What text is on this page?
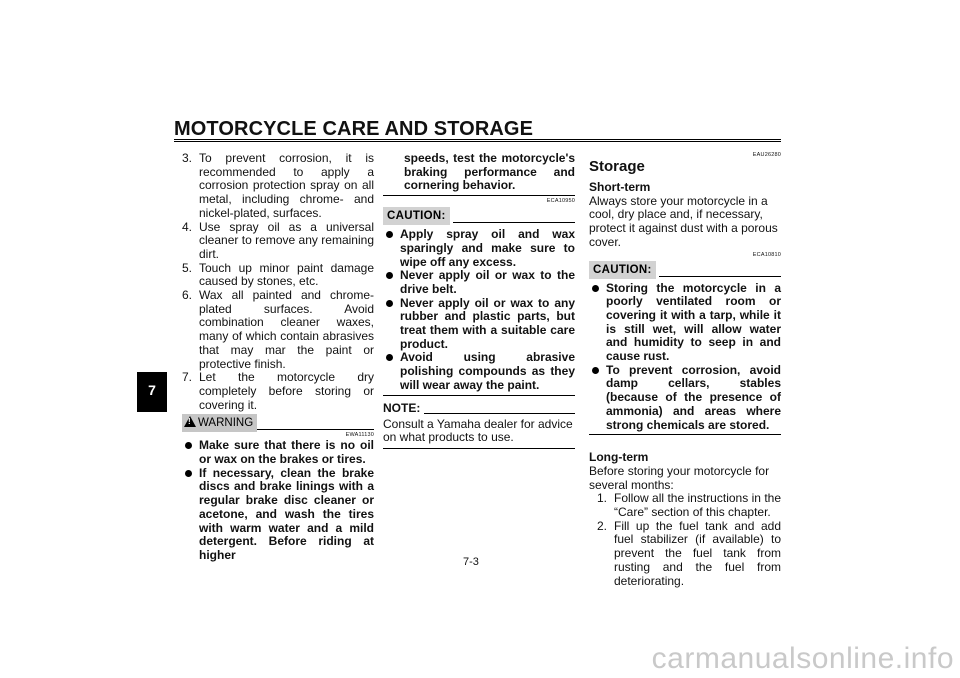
MOTORCYCLE CARE AND STORAGE
7
3. To prevent corrosion, it is recommended to apply a corrosion protection spray on all metal, including chrome- and nickel-plated, surfaces.
4. Use spray oil as a universal cleaner to remove any remaining dirt.
5. Touch up minor paint damage caused by stones, etc.
6. Wax all painted and chrome-plated surfaces. Avoid combination cleaner waxes, many of which contain abrasives that may mar the paint or protective finish.
7. Let the motorcycle dry completely before storing or covering it.
!WARNING
EWA11130
Make sure that there is no oil or wax on the brakes or tires.
If necessary, clean the brake discs and brake linings with a regular brake disc cleaner or acetone, and wash the tires with warm water and a mild detergent. Before riding at higher
speeds, test the motorcycle's braking performance and cornering behavior.
ECA10950
CAUTION:
Apply spray oil and wax sparingly and make sure to wipe off any excess.
Never apply oil or wax to the drive belt.
Never apply oil or wax to any rubber and plastic parts, but treat them with a suitable care product.
Avoid using abrasive polishing compounds as they will wear away the paint.
NOTE:
Consult a Yamaha dealer for advice on what products to use.
EAU26280
Storage
Short-term
Always store your motorcycle in a cool, dry place and, if necessary, protect it against dust with a porous cover.
ECA10810
CAUTION:
Storing the motorcycle in a poorly ventilated room or covering it with a tarp, while it is still wet, will allow water and humidity to seep in and cause rust.
To prevent corrosion, avoid damp cellars, stables (because of the presence of ammonia) and areas where strong chemicals are stored.
Long-term
Before storing your motorcycle for several months:
1. Follow all the instructions in the “Care” section of this chapter.
2. Fill up the fuel tank and add fuel stabilizer (if available) to prevent the fuel tank from rusting and the fuel from deteriorating.
7-3
carmanualsonline.info
